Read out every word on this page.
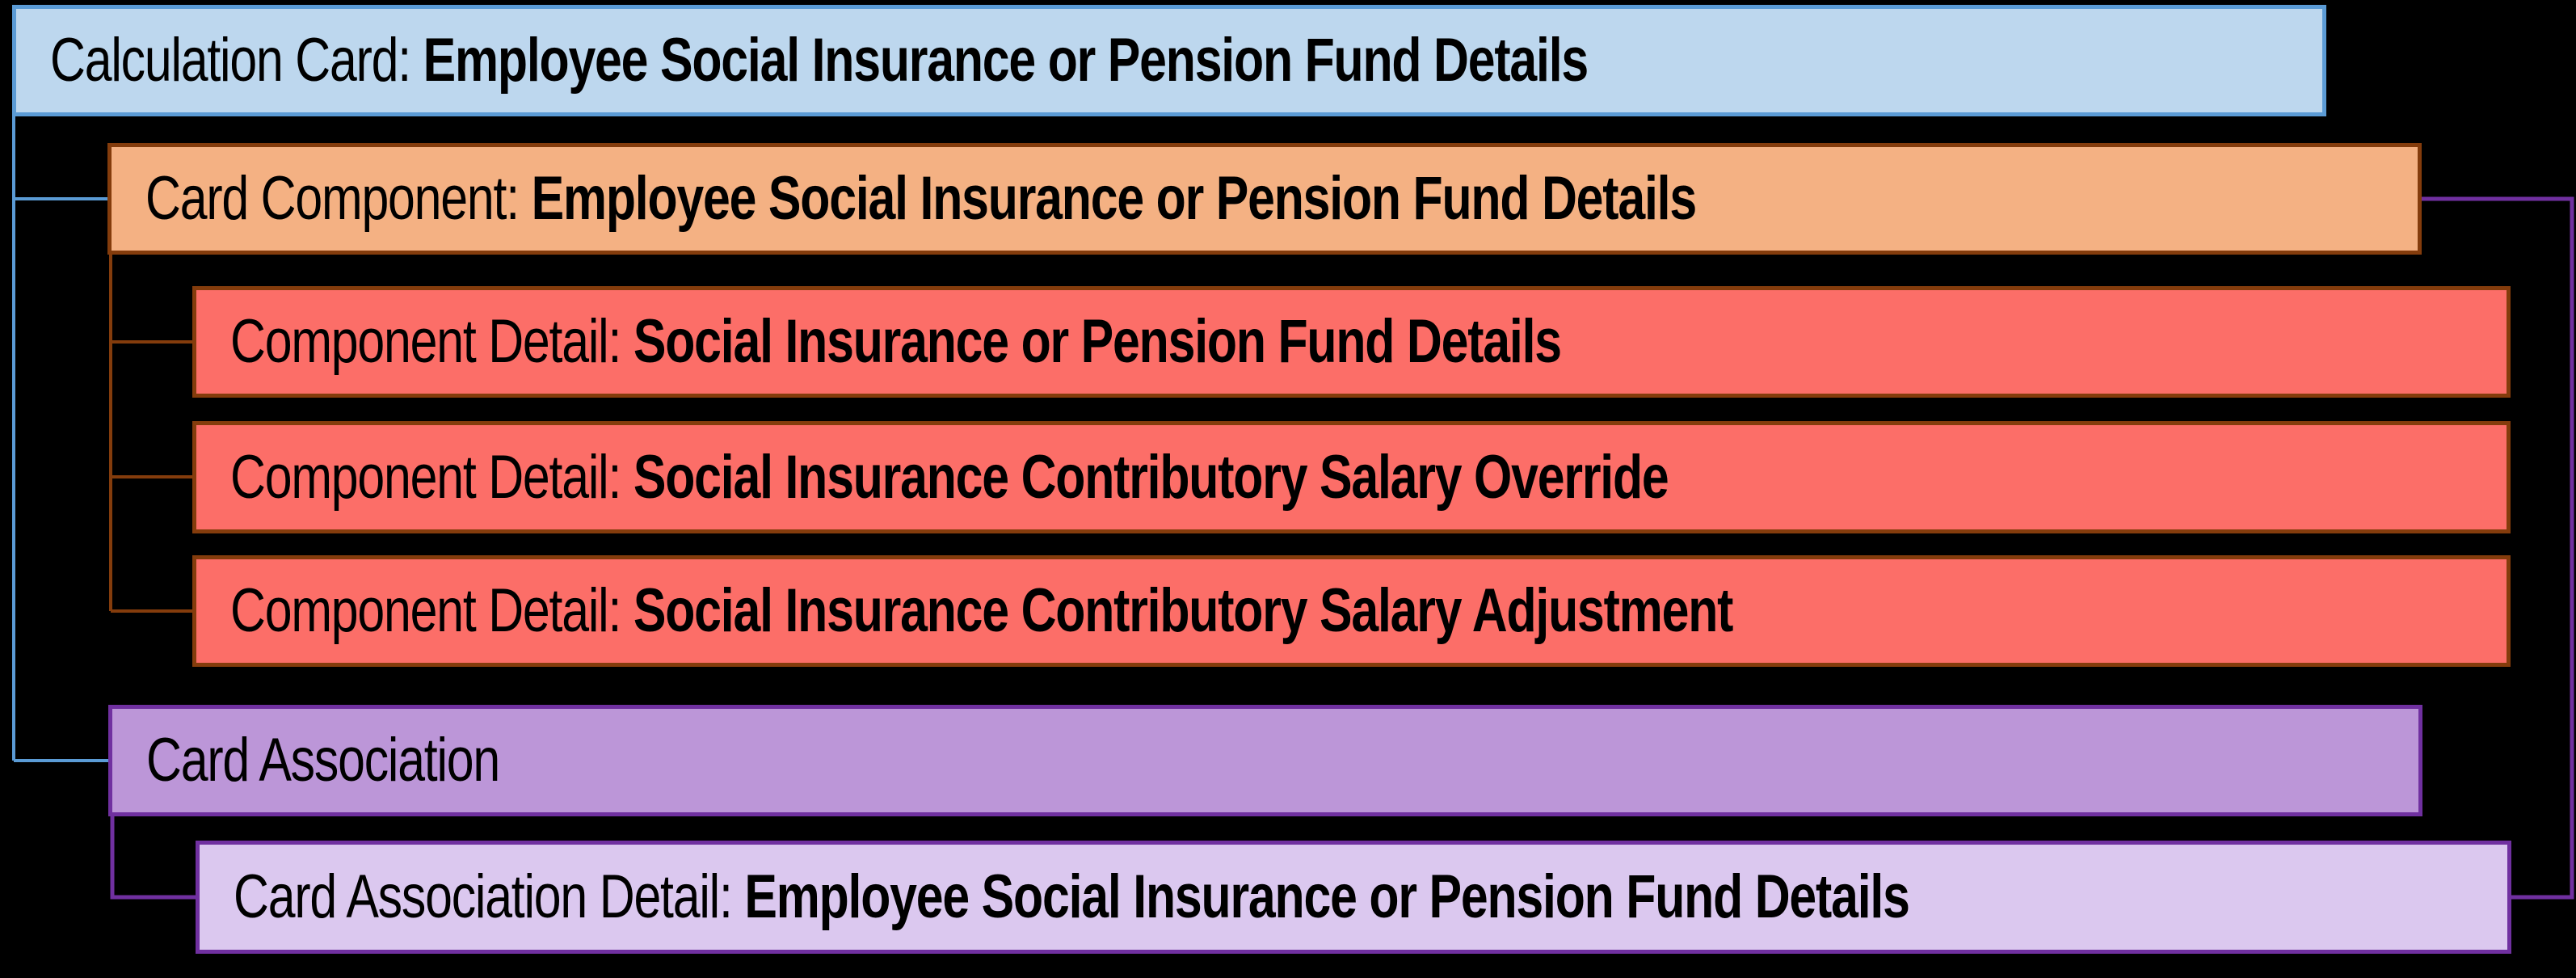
Calculation Card: Employee Social Insurance or Pension Fund Details
Card Component: Employee Social Insurance or Pension Fund Details
Component Detail: Social Insurance or Pension Fund Details
Component Detail: Social Insurance Contributory Salary Override
Component Detail: Social Insurance Contributory Salary Adjustment
Card Association
Card Association Detail: Employee Social Insurance or Pension Fund Details
